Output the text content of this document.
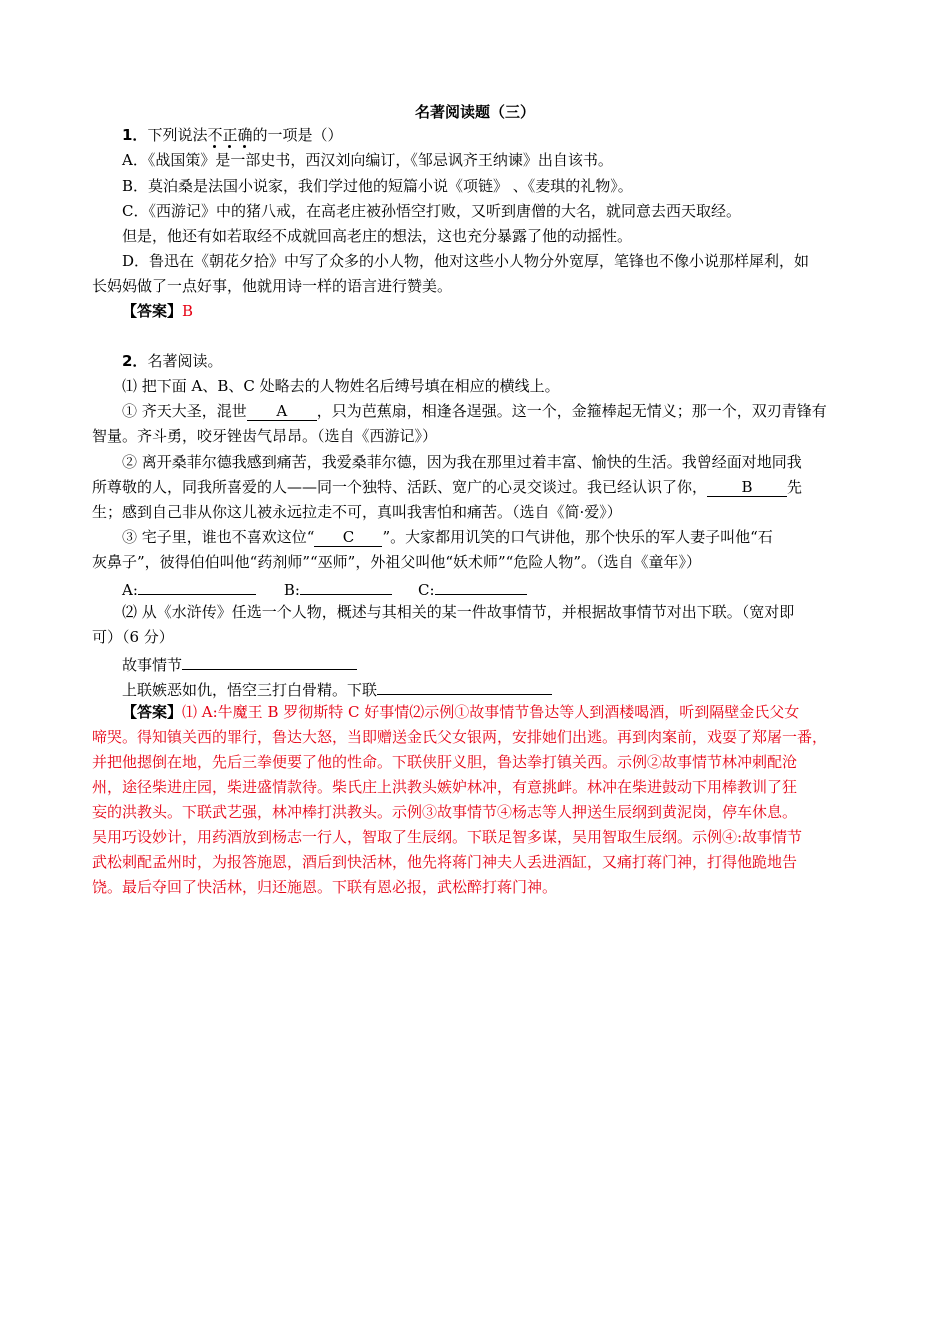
名著阅读题（三）
1．下列说法不正确的一项是（）
A．《战国策》是一部史书，西汉刘向编订，《邹忌讽齐王纳谏》出自该书。
B．莫泊桑是法国小说家，我们学过他的短篇小说《项链》 、《麦琪的礼物》。
C．《西游记》中的猪八戒，在高老庄被孙悟空打败，又听到唐僧的大名，就同意去西天取经。
但是，他还有如若取经不成就回高老庄的想法，这也充分暴露了他的动摇性。
D．鲁迅在《朝花夕拾》中写了众多的小人物，他对这些小人物分外宽厚，笔锋也不像小说那样犀利，如
长妈妈做了一点好事，他就用诗一样的语言进行赞美。
【答案】B
2．名著阅读。
⑴ 把下面 A、B、C 处略去的人物姓名后缚号填在相应的横线上。
① 齐天大圣，混世 A ，只为芭蕉扇，相逢各逞强。这一个，金箍棒起无情义；那一个，双刃青锋有
智量。齐斗勇，咬牙锉齿气昂昂。（选自《西游记》）
② 离开桑菲尔德我感到痛苦，我爱桑菲尔德，因为我在那里过着丰富、愉快的生活。我曾经面对地同我
所尊敬的人，同我所喜爱的人——同一个独特、活跃、宽广的心灵交谈过。我已经认识了你， B 先
生；感到自己非从你这儿被永远拉走不可，真叫我害怕和痛苦。（选自《简·爱》）
③ 宅子里，谁也不喜欢这位“ C ”。大家都用讥笑的口气讲他，那个快乐的军人妻子叫他“石
灰鼻子”，彼得伯伯叫他“药剂师”“巫师”，外祖父叫他“妖术师”“危险人物”。（选自《童年》）
A:	B:	C:
⑵ 从《水浒传》任选一个人物，概述与其相关的某一件故事情节，并根据故事情节对出下联。（宽对即
可）（6 分）
故事情节
上联嫉恶如仇，悟空三打白骨精。下联
【答案】⑴ A:牛魔王 B 罗彻斯特 C 好事情⑵示例①故事情节鲁达等人到酒楼喝酒，听到隔壁金氏父女
啼哭。得知镇关西的罪行，鲁达大怒，当即赠送金氏父女银两，安排她们出逃。再到肉案前，戏耍了郑屠一番，
并把他摁倒在地，先后三拳便要了他的性命。下联侠肝义胆，鲁达拳打镇关西。示例②故事情节林冲刺配沧
州，途径柴进庄园，柴进盛情款待。柴氏庄上洪教头嫉妒林冲，有意挑衅。林冲在柴进鼓动下用棒教训了狂
妄的洪教头。下联武艺强，林冲棒打洪教头。示例③故事情节④杨志等人押送生辰纲到黄泥岗，停车休息。
吴用巧设妙计，用药酒放到杨志一行人，智取了生辰纲。下联足智多谋，吴用智取生辰纲。示例④:故事情节
武松刺配孟州时，为报答施恩，酒后到快活林，他先将蒋门神夫人丢进酒缸，又痛打蒋门神，打得他跪地告
饶。最后夺回了快活林，归还施恩。下联有恩必报，武松醉打蒋门神。
